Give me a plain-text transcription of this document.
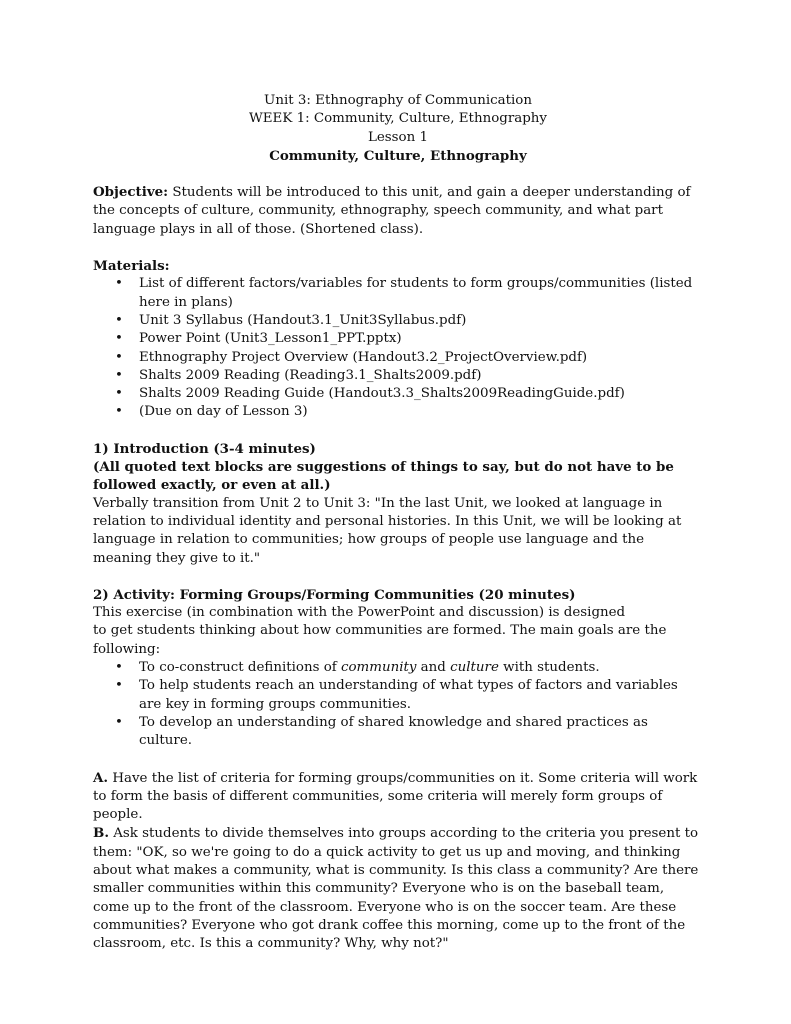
Unit 3: Ethnography of Communication
WEEK 1: Community, Culture, Ethnography
Lesson 1
Community, Culture, Ethnography

Objective: Students will be introduced to this unit, and gain a deeper understanding of the concepts of culture, community, ethnography, speech community, and what part language plays in all of those. (Shortened class).

Materials:

• List of different factors/variables for students to form groups/communities (listed here in plans)
• Unit 3 Syllabus (Handout3.1_Unit3Syllabus.pdf)
• Power Point (Unit3_Lesson1_PPT.pptx)
• Ethnography Project Overview (Handout3.2_ProjectOverview.pdf)
• Shalts 2009 Reading (Reading3.1_Shalts2009.pdf)
• Shalts 2009 Reading Guide (Handout3.3_Shalts2009ReadingGuide.pdf)
• (Due on day of Lesson 3)

1) Introduction (3-4 minutes)

(All quoted text blocks are suggestions of things to say, but do not have to be followed exactly, or even at all.)

Verbally transition from Unit 2 to Unit 3: "In the last Unit, we looked at language in relation to individual identity and personal histories. In this Unit, we will be looking at language in relation to communities; how groups of people use language and the meaning they give to it."

2) Activity: Forming Groups/Forming Communities (20 minutes)

This exercise (in combination with the PowerPoint and discussion) is designed

to get students thinking about how communities are formed. The main goals are the following:

• To co-construct definitions of community and culture with students.
• To help students reach an understanding of what types of factors and variables are key in forming groups communities.
• To develop an understanding of shared knowledge and shared practices as culture.

A. Have the list of criteria for forming groups/communities on it. Some criteria will work to form the basis of different communities, some criteria will merely form groups of people.

B. Ask students to divide themselves into groups according to the criteria you present to them: "OK, so we're going to do a quick activity to get us up and moving, and thinking about what makes a community, what is community. Is this class a community? Are there smaller communities within this community? Everyone who is on the baseball team, come up to the front of the classroom. Everyone who is on the soccer team. Are these communities? Everyone who got drank coffee this morning, come up to the front of the classroom, etc. Is this a community? Why, why not?"
